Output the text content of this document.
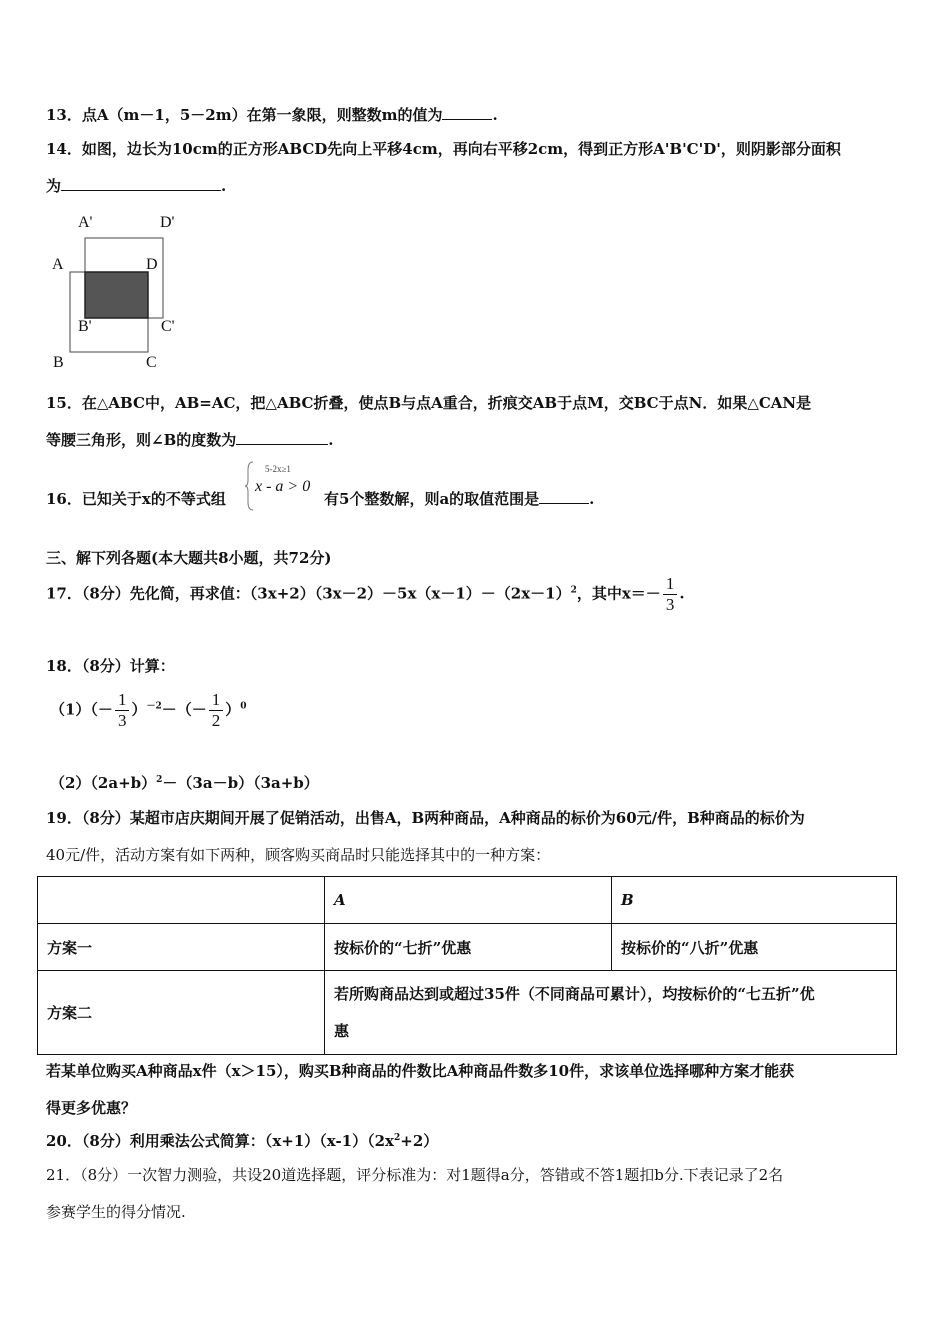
13．点A（m－1，5－2m）在第一象限，则整数m的值为	.
14．如图，边长为10cm的正方形ABCD先向上平移4cm，再向右平移2cm，得到正方形A'B'C'D'，则阴影部分面积
为	.
A'	D'
A	D
B'	C'
B	C
15．在△ABC中，AB=AC，把△ABC折叠，使点B与点A重合，折痕交AB于点M，交BC于点N．如果△CAN是
等腰三角形，则∠B的度数为	.
16．已知关于x的不等式组
5-2x≥1
x - a > 0
有5个整数解，则a的取值范围是	.
三、解下列各题(本大题共8小题，共72分)
17．（8分）先化简，再求值：$(3x+2)(3x-2)-5x(x-1)-(2x-1)^2$，其中$x=- \frac{1}{3}$ .
18．（8分）计算：
$(1)(- \frac{1}{3} )^{-2}-(- \frac{1}{2} )^0$
$(2)(2a+b)^2-(3a-b)(3a+b)$
19．（8分）某超市店庆期间开展了促销活动，出售A，B两种商品，A种商品的标价为60元/件，B种商品的标价为
40元/件，活动方案有如下两种，顾客购买商品时只能选择其中的一种方案：
	A	B
方案一	按标价的“七折”优惠	按标价的“八折”优惠
方案二	若所购商品达到或超过35件（不同商品可累计），均按标价的“七五折”优
惠	
若某单位购买A种商品x件（x＞15），购买B种商品的件数比A种商品件数多10件，求该单位选择哪种方案才能获
得更多优惠？
20．（8分）利用乘法公式简算：$(x+1)(x-1)(2x^2+2)$
21．（8分）一次智力测验，共设20道选择题，评分标准为：对1题得a分，答错或不答1题扣b分.下表记录了2名
参赛学生的得分情况.
